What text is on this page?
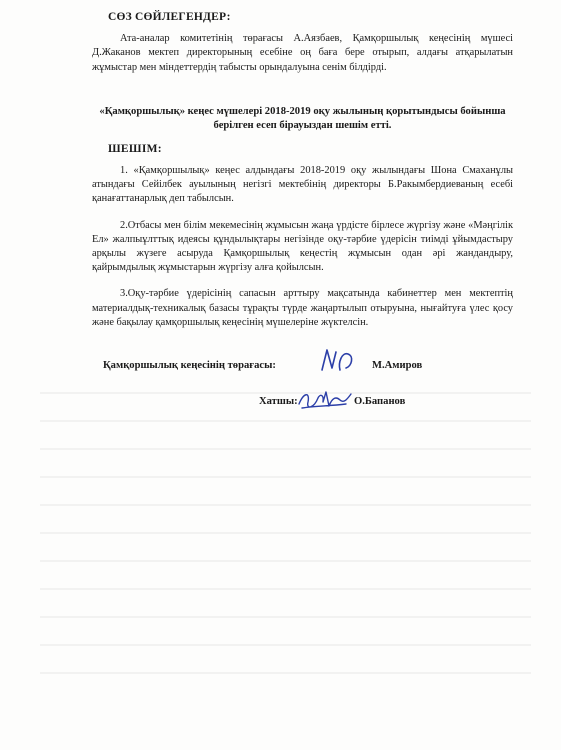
СӨЗ СӨЙЛЕГЕНДЕР:

Ата-аналар комитетінің төрағасы А.Аязбаев, Қамқоршылық кеңесінің мүшесі Д.Жаканов мектеп директорының есебіне оң баға бере отырып, алдағы атқарылатын жұмыстар мен міндеттердің табысты орындалуына сенім білдірді.

«Қамқоршылық» кеңес мүшелері 2018-2019 оқу жылының қорытындысы бойынша
берілген есеп бірауыздан шешім етті.
ШЕШІМ:

1. «Қамқоршылық» кеңес алдындағы 2018-2019 оқу жылындағы Шона Смаханұлы атындағы Сейілбек ауылының негізгі мектебінің директоры Б.Ракымбердиеваның есебі қанағаттанарлық деп табылсын.

2.Отбасы мен білім мекемесінің жұмысын жаңа үрдісте бірлесе жүргізу және «Мәңгілік Ел» жалпыұлттық идеясы құндылықтары негізінде оқу-тәрбие үдерісін тиімді ұйымдастыру арқылы жүзеге асыруда Қамқоршылық кеңестің жұмысын одан әрі жандандыру, қайрымдылық жұмыстарын жүргізу алға қойылсын.

3.Оқу-тәрбие үдерісінің сапасын арттыру мақсатында кабинеттер мен мектептің материалдық-техникалық базасы тұрақты түрде жаңартылып отыруына, нығайтуға үлес қосу және бақылау қамқоршылық кеңесінің мүшелеріне жүктелсін.

Қамқоршылық кеңесінің төрағасы:	М.Амиров
Хатшы:	О.Бапанов
